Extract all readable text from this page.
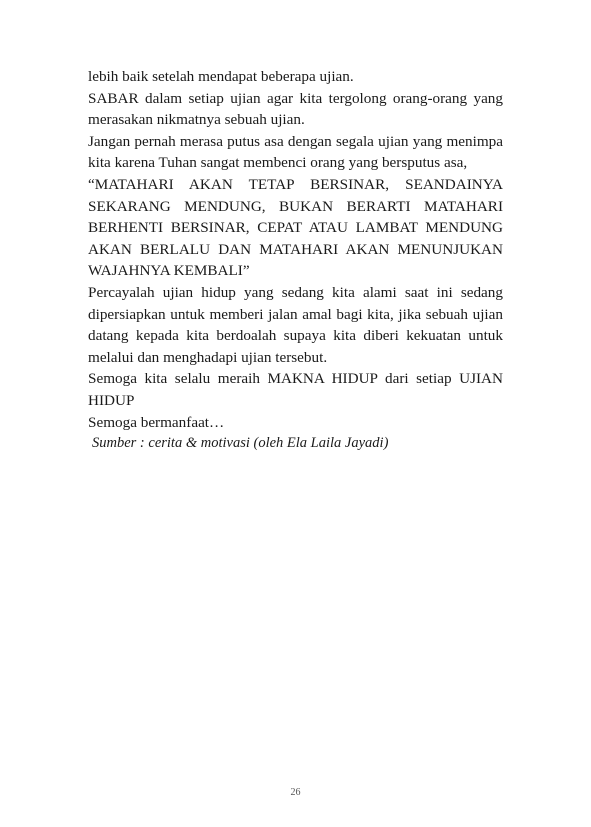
lebih baik setelah mendapat beberapa ujian.

SABAR dalam setiap ujian agar kita tergolong orang-orang yang merasakan nikmatnya sebuah ujian.

Jangan pernah merasa putus asa dengan segala ujian yang menimpa kita karena Tuhan sangat membenci orang yang bersputus asa,

“MATAHARI AKAN TETAP BERSINAR, SEANDAINYA SEKARANG MENDUNG, BUKAN BERARTI MATAHARI BERHENTI BERSINAR, CEPAT ATAU LAMBAT MENDUNG AKAN BERLALU DAN MATAHARI AKAN MENUNJUKAN WAJAHNYA KEMBALI”

Percayalah ujian hidup yang sedang kita alami saat ini sedang dipersiapkan untuk memberi jalan amal bagi kita, jika sebuah ujian datang kepada kita berdoalah supaya kita diberi kekuatan untuk melalui dan menghadapi ujian tersebut.

Semoga kita selalu meraih MAKNA HIDUP dari setiap UJIAN HIDUP

Semoga bermanfaat…

Sumber : cerita & motivasi (oleh Ela Laila Jayadi)

26
